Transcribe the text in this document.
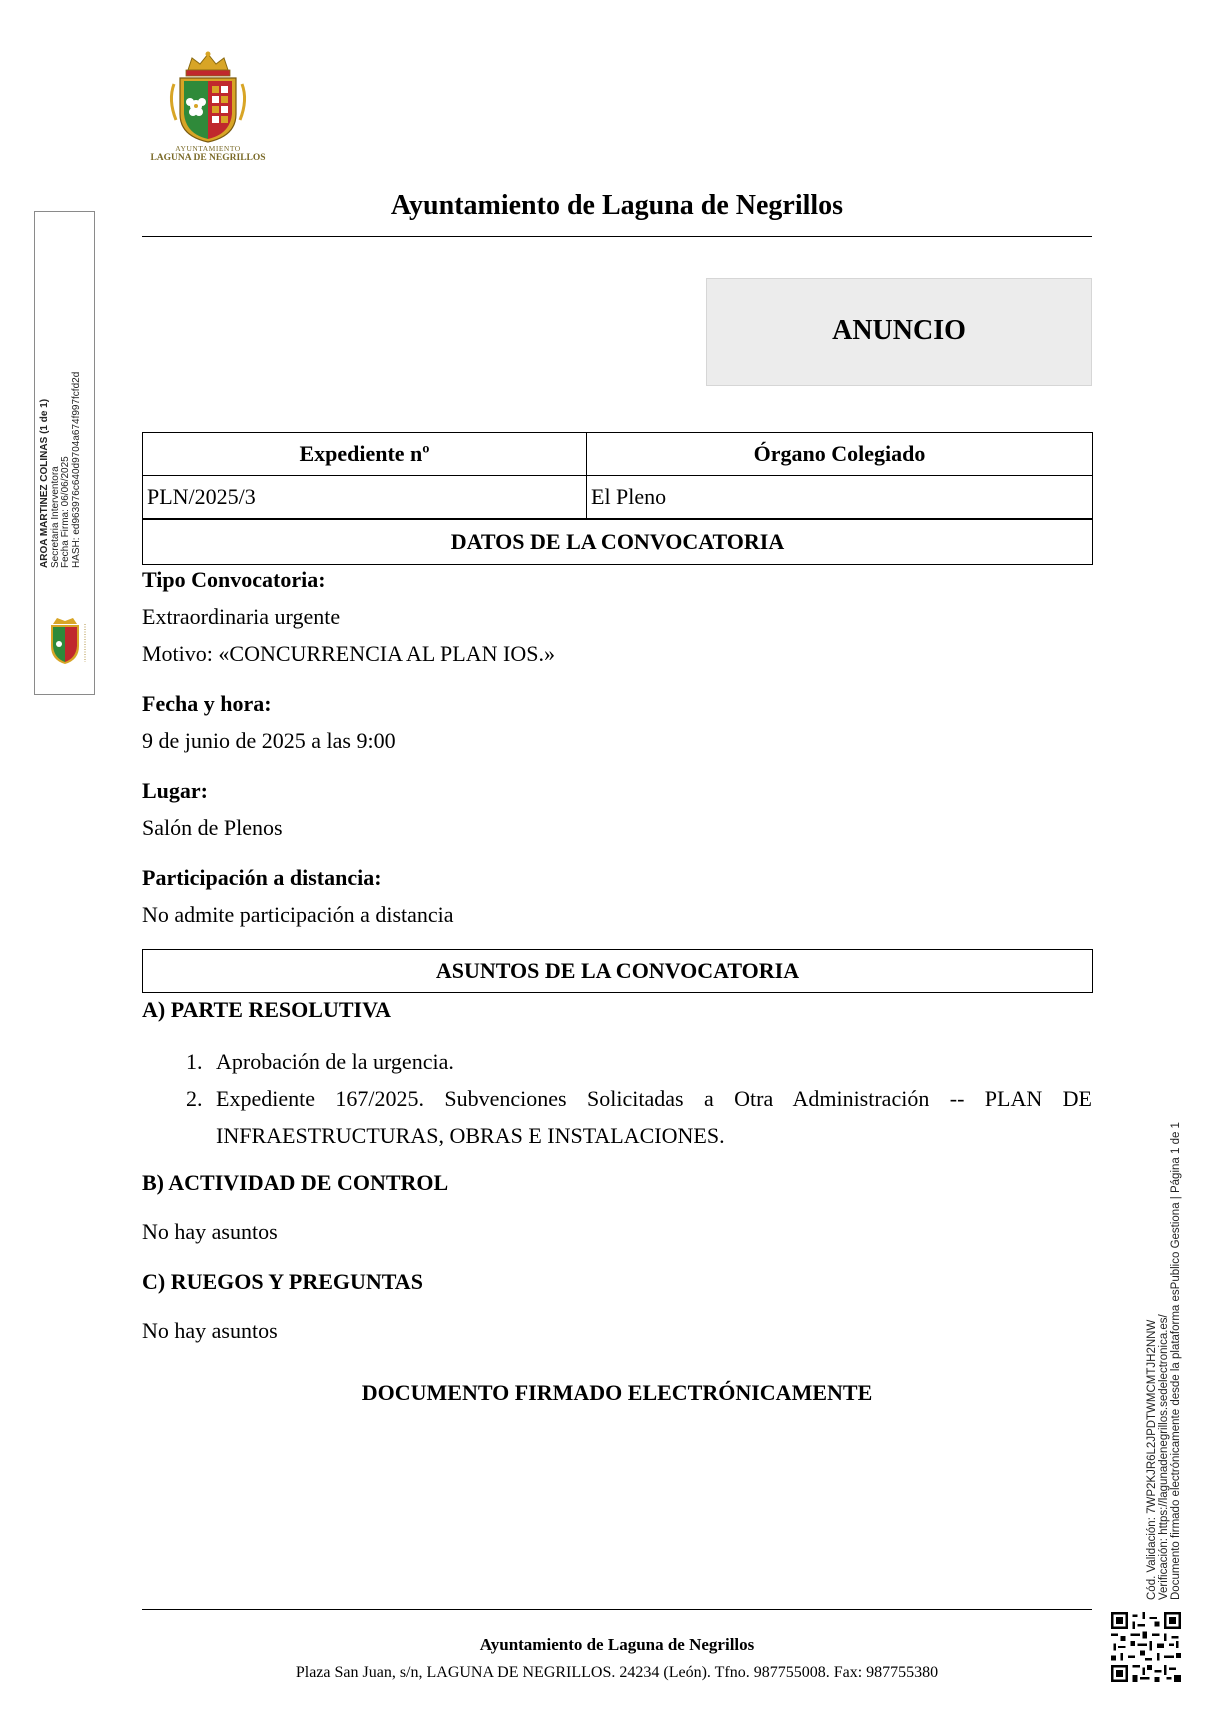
AYUNTAMIENTO
LAGUNA DE NEGRILLOS
Ayuntamiento de Laguna de Negrillos
ANUNCIO
Expediente nº	Órgano Colegiado
PLN/2025/3	El Pleno
DATOS DE LA CONVOCATORIA
Tipo Convocatoria:
Extraordinaria urgente
Motivo: «CONCURRENCIA AL PLAN IOS.»
Fecha y hora:
9 de junio de 2025 a las 9:00
Lugar:
Salón de Plenos
Participación a distancia:
No admite participación a distancia
ASUNTOS DE LA CONVOCATORIA
A) PARTE RESOLUTIVA
1. Aprobación de la urgencia.
2. Expediente 167/2025. Subvenciones Solicitadas a Otra Administración -- PLAN DE INFRAESTRUCTURAS, OBRAS E INSTALACIONES.
B) ACTIVIDAD DE CONTROL
No hay asuntos
C) RUEGOS Y PREGUNTAS
No hay asuntos
DOCUMENTO FIRMADO ELECTRÓNICAMENTE
Ayuntamiento de Laguna de Negrillos
Plaza San Juan, s/n, LAGUNA DE NEGRILLOS. 24234 (León). Tfno. 987755008. Fax: 987755380
AROA MARTINEZ COLINAS (1 de 1) Secretaria Interventora Fecha Firma: 06/06/2025 HASH: ed963976c640d9704a674f997fcfd2d
Cód. Validación: 7WP2KJR6L2JPDTWMCMTJH2NNW Verificación: https://lagunadenegrillos.sedelectronica.es/ Documento firmado electrónicamente desde la plataforma esPublico Gestiona | Página 1 de 1
